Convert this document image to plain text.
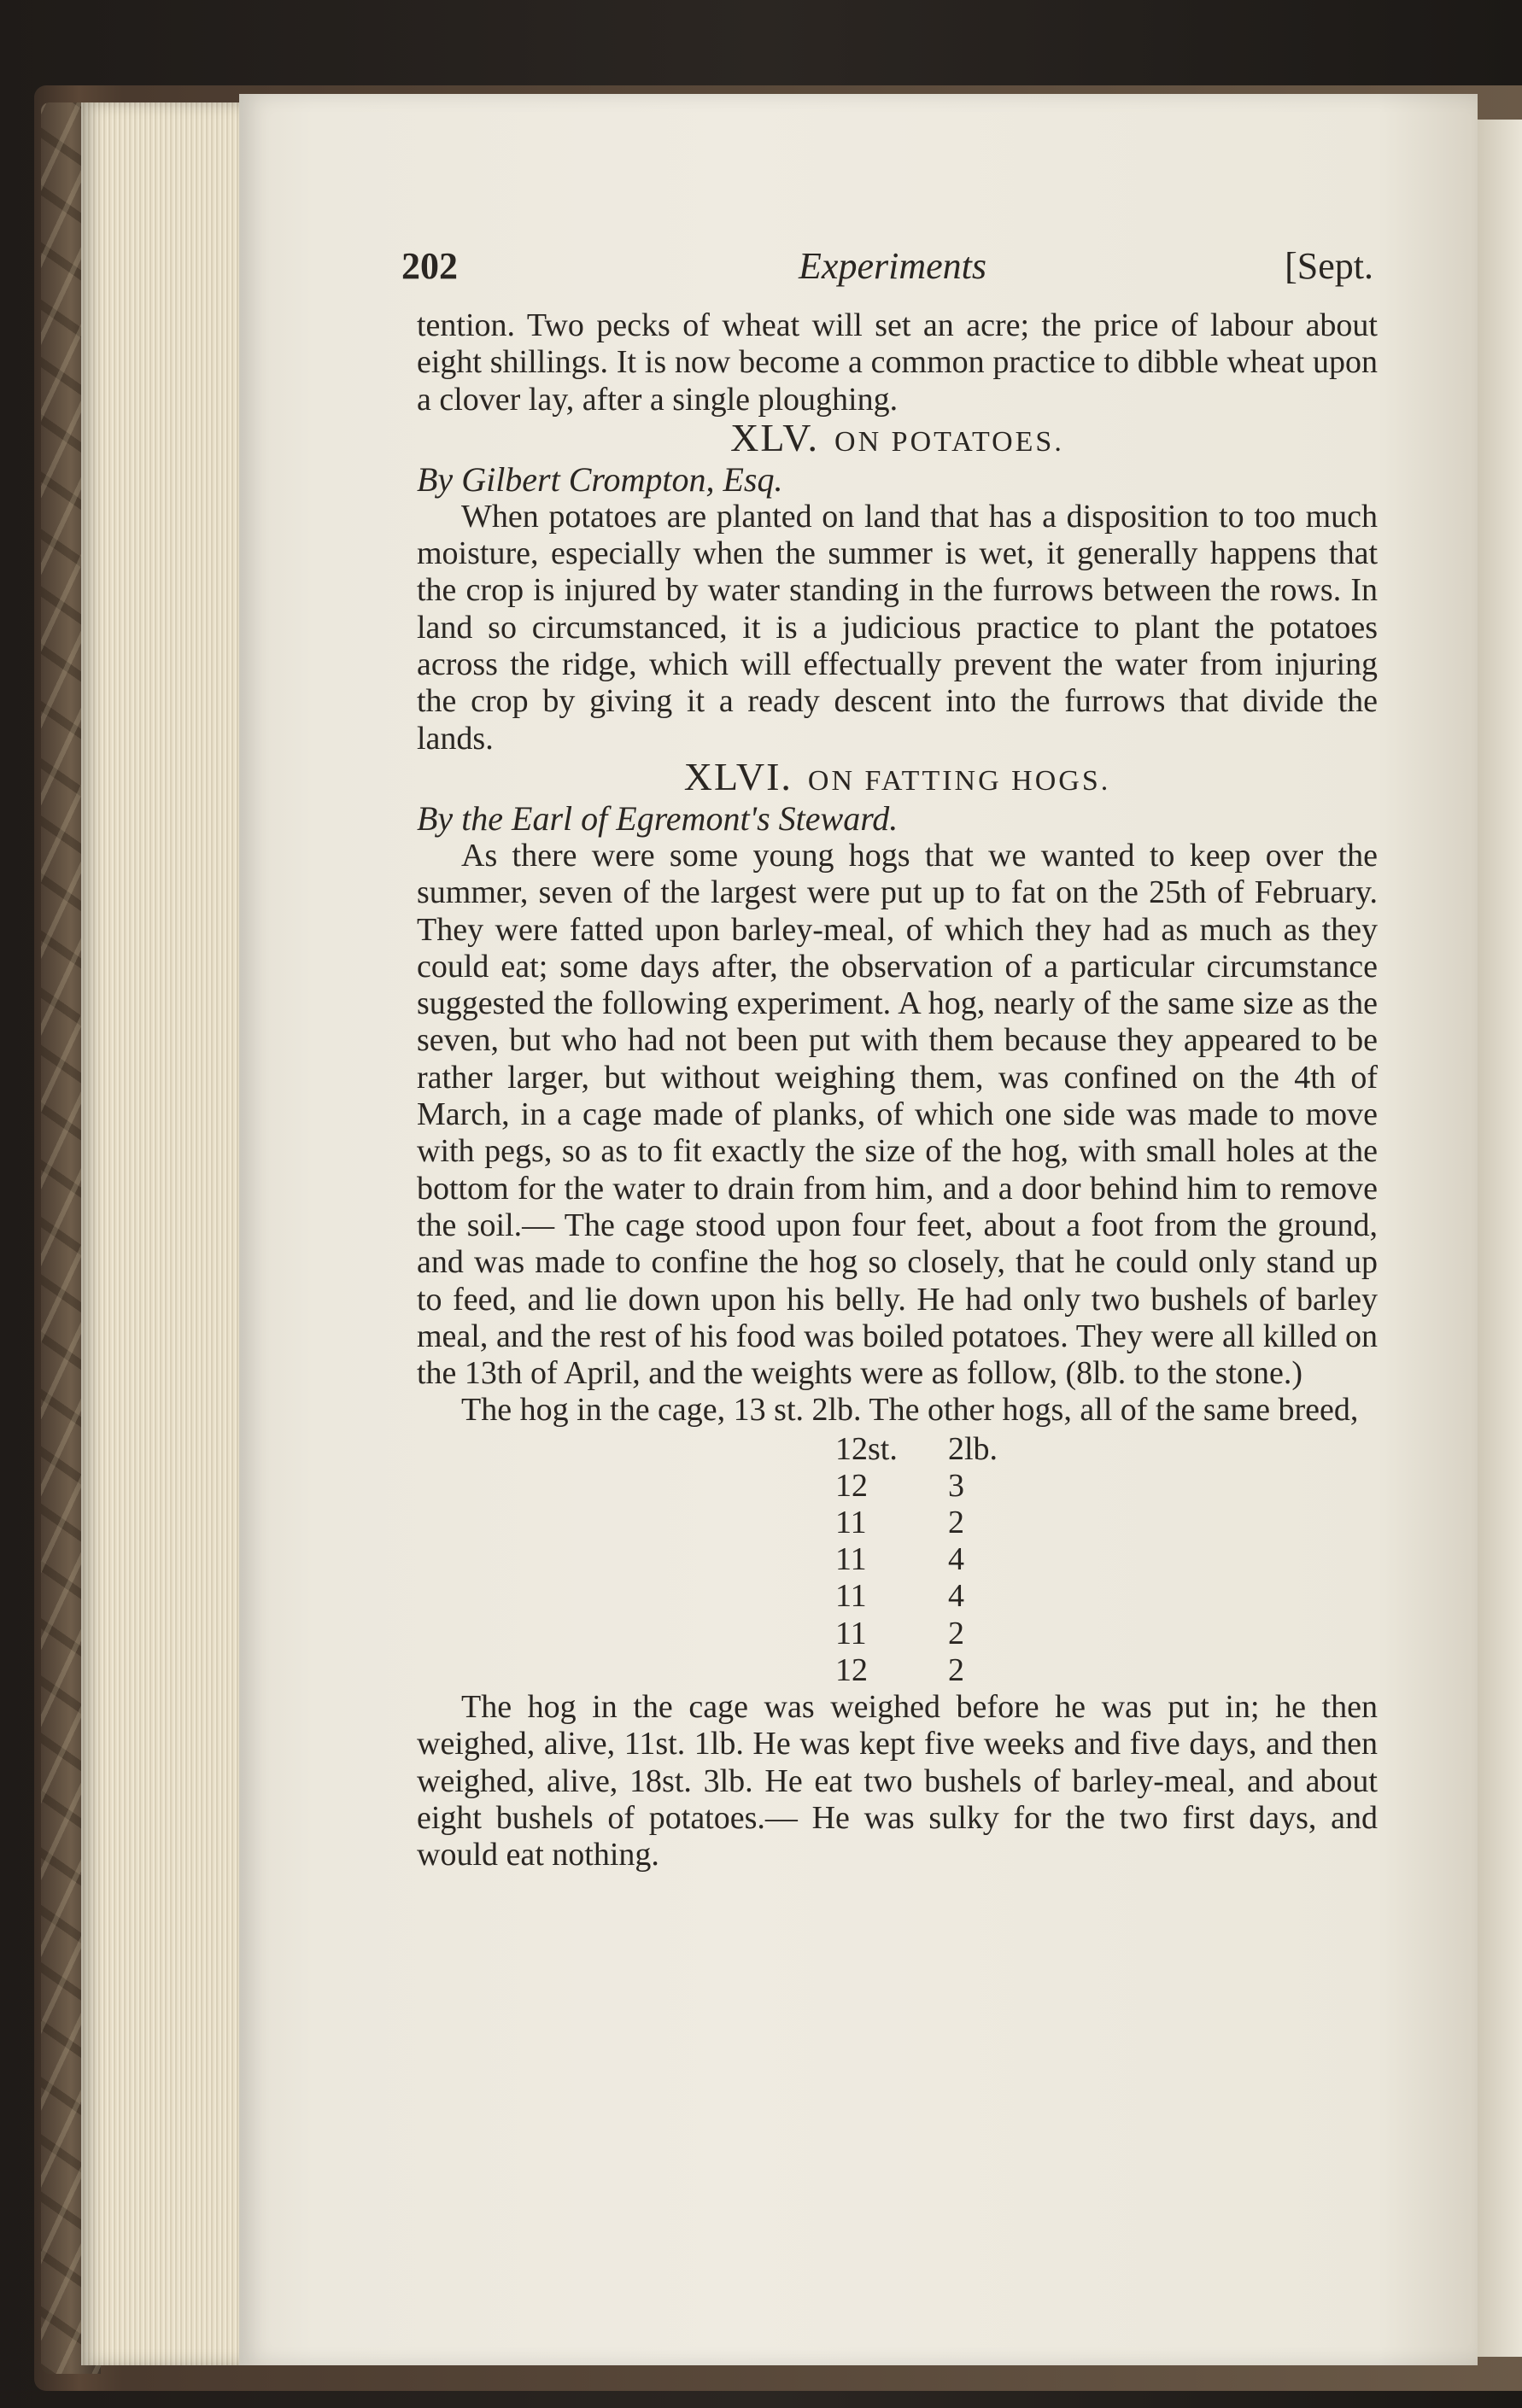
202	Experiments	[Sept.

tention. Two pecks of wheat will set an acre; the price of labour about eight shillings. It is now become a common practice to dibble wheat upon a clover lay, after a single ploughing.

XLV. ON POTATOES.

By Gilbert Crompton, Esq.

When potatoes are planted on land that has a disposition to too much moisture, especially when the summer is wet, it generally happens that the crop is injured by water standing in the furrows between the rows. In land so circumstanced, it is a judicious practice to plant the potatoes across the ridge, which will effectually prevent the water from injuring the crop by giving it a ready descent into the furrows that divide the lands.

XLVI. ON FATTING HOGS.

By the Earl of Egremont's Steward.

As there were some young hogs that we wanted to keep over the summer, seven of the largest were put up to fat on the 25th of February. They were fatted upon barley-meal, of which they had as much as they could eat; some days after, the observation of a particular circumstance suggested the following experiment. A hog, nearly of the same size as the seven, but who had not been put with them because they appeared to be rather larger, but without weighing them, was confined on the 4th of March, in a cage made of planks, of which one side was made to move with pegs, so as to fit exactly the size of the hog, with small holes at the bottom for the water to drain from him, and a door behind him to remove the soil.— The cage stood upon four feet, about a foot from the ground, and was made to confine the hog so closely, that he could only stand up to feed, and lie down upon his belly. He had only two bushels of barley meal, and the rest of his food was boiled potatoes. They were all killed on the 13th of April, and the weights were as follow, (8lb. to the stone.)

The hog in the cage, 13 st. 2lb. The other hogs, all of the same breed,

12st.	2lb.
12	3
11	2
11	4
11	4
11	2
12	2

The hog in the cage was weighed before he was put in; he then weighed, alive, 11st. 1lb. He was kept five weeks and five days, and then weighed, alive, 18st. 3lb. He eat two bushels of barley-meal, and about eight bushels of potatoes.— He was sulky for the two first days, and would eat nothing.
